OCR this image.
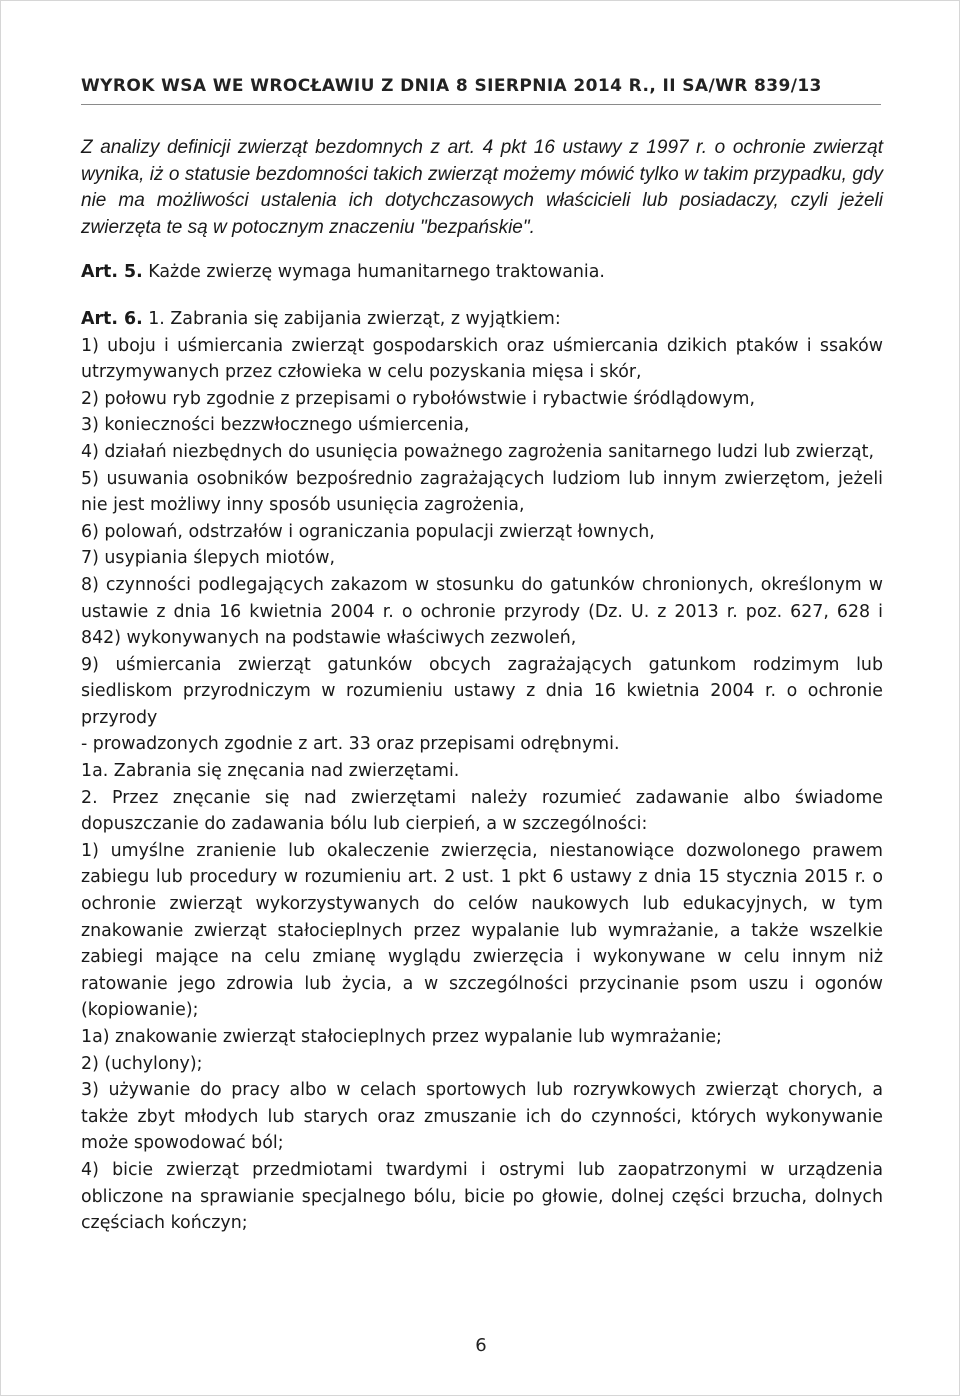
WYROK WSA WE WROCŁAWIU Z DNIA 8 SIERPNIA 2014 R., II SA/WR 839/13

Z analizy definicji zwierząt bezdomnych z art. 4 pkt 16 ustawy z 1997 r. o ochronie zwierząt wynika, iż o statusie bezdomności takich zwierząt możemy mówić tylko w takim przypadku, gdy nie ma możliwości ustalenia ich dotychczasowych właścicieli lub posiadaczy, czyli jeżeli zwierzęta te są w potocznym znaczeniu "bezpańskie".

Art. 5. Każde zwierzę wymaga humanitarnego traktowania.

Art. 6. 1. Zabrania się zabijania zwierząt, z wyjątkiem:

1) uboju i uśmiercania zwierząt gospodarskich oraz uśmiercania dzikich ptaków i ssaków utrzymywanych przez człowieka w celu pozyskania mięsa i skór,

2) połowu ryb zgodnie z przepisami o rybołówstwie i rybactwie śródlądowym,

3) konieczności bezzwłocznego uśmiercenia,

4) działań niezbędnych do usunięcia poważnego zagrożenia sanitarnego ludzi lub zwierząt,

5) usuwania osobników bezpośrednio zagrażających ludziom lub innym zwierzętom, jeżeli nie jest możliwy inny sposób usunięcia zagrożenia,

6) polowań, odstrzałów i ograniczania populacji zwierząt łownych,

7) usypiania ślepych miotów,

8) czynności podlegających zakazom w stosunku do gatunków chronionych, określonym w ustawie z dnia 16 kwietnia 2004 r. o ochronie przyrody (Dz. U. z 2013 r. poz. 627, 628 i 842) wykonywanych na podstawie właściwych zezwoleń,

9) uśmiercania zwierząt gatunków obcych zagrażających gatunkom rodzimym lub siedliskom przyrodniczym w rozumieniu ustawy z dnia 16 kwietnia 2004 r. o ochronie przyrody

- prowadzonych zgodnie z art. 33 oraz przepisami odrębnymi.

1a. Zabrania się znęcania nad zwierzętami.

2. Przez znęcanie się nad zwierzętami należy rozumieć zadawanie albo świadome dopuszczanie do zadawania bólu lub cierpień, a w szczególności:

1) umyślne zranienie lub okaleczenie zwierzęcia, niestanowiące dozwolonego prawem zabiegu lub procedury w rozumieniu art. 2 ust. 1 pkt 6 ustawy z dnia 15 stycznia 2015 r. o ochronie zwierząt wykorzystywanych do celów naukowych lub edukacyjnych, w tym znakowanie zwierząt stałocieplnych przez wypalanie lub wymrażanie, a także wszelkie zabiegi mające na celu zmianę wyglądu zwierzęcia i wykonywane w celu innym niż ratowanie jego zdrowia lub życia, a w szczególności przycinanie psom uszu i ogonów (kopiowanie);

1a) znakowanie zwierząt stałocieplnych przez wypalanie lub wymrażanie;

2) (uchylony);

3) używanie do pracy albo w celach sportowych lub rozrywkowych zwierząt chorych, a także zbyt młodych lub starych oraz zmuszanie ich do czynności, których wykonywanie może spowodować ból;

4) bicie zwierząt przedmiotami twardymi i ostrymi lub zaopatrzonymi w urządzenia obliczone na sprawianie specjalnego bólu, bicie po głowie, dolnej części brzucha, dolnych częściach kończyn;

6
